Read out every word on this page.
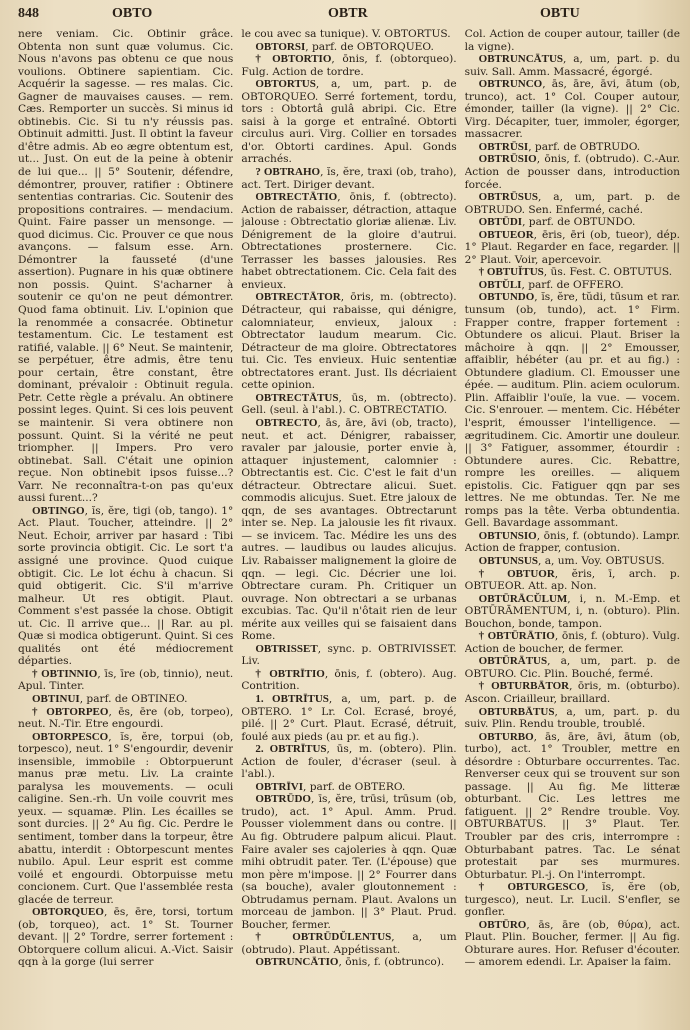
848	OBTO	OBTR	OBTU

nere veniam. Cic. Obtinir grâce. Obtenta non sunt quæ volumus. Cic. Nous n'avons pas obtenu ce que nous voulions. Obtinere sapientiam. Cic. Acquérir la sagesse. — res malas. Cic. Gagner de mauvaises causes. — rem. Cæs. Remporter un succès. Si minus id obtinebis. Cic. Si tu n'y réussis pas. Obtinuit admitti. Just. Il obtint la faveur d'être admis. Ab eo ægre obtentum est, ut... Just. On eut de la peine à obtenir de lui que... || 5° Soutenir, défendre, démontrer, prouver, ratifier : Obtinere sententias contrarias. Cic. Soutenir des propositions contraires. — mendacium. Quint. Faire passer un mensonge. — quod dicimus. Cic. Prouver ce que nous avançons. — falsum esse. Arn. Démontrer la fausseté (d'une assertion). Pugnare in his quæ obtinere non possis. Quint. S'acharner à soutenir ce qu'on ne peut démontrer. Quod fama obtinuit. Liv. L'opinion que la renommée a consacrée. Obtinetur testamentum. Cic. Le testament est ratifié, valable. || 6° Neut. Se maintenir, se perpétuer, être admis, être tenu pour certain, être constant, être dominant, prévaloir : Obtinuit regula. Petr. Cette règle a prévalu. An obtinere possint leges. Quint. Si ces lois peuvent se maintenir. Si vera obtinere non possunt. Quint. Si la vérité ne peut triompher. || Impers. Pro vero obtinebat. Sall. C'était une opinion reçue. Non obtinebit ipsos fuisse...? Varr. Ne reconnaîtra-t-on pas qu'eux aussi furent...?

OBTINGO, ĭs, ĕre, tigi (ob, tango). 1° Act. Plaut. Toucher, atteindre. || 2° Neut. Echoir, arriver par hasard : Tibi sorte provincia obtigit. Cic. Le sort t'a assigné une province. Quod cuique obtigit. Cic. Le lot échu à chacun. Si quid obtigerit. Cic. S'il m'arrive malheur. Ut res obtigit. Plaut. Comment s'est passée la chose. Obtigit ut. Cic. Il arrive que... || Rar. au pl. Quæ si modica obtigerunt. Quint. Si ces qualités ont été médiocrement départies.

† OBTINNIO, īs, īre (ob, tinnio), neut. Apul. Tinter.

OBTINUI, parf. de OBTINEO.

† OBTORPEO, ēs, ēre (ob, torpeo), neut. N.-Tir. Etre engourdi.

OBTORPESCO, ĭs, ĕre, torpui (ob, torpesco), neut. 1° S'engourdir, devenir insensible, immobile : Obtorpuerunt manus præ metu. Liv. La crainte paralysa les mouvements. — oculi caligine. Sen.-rh. Un voile couvrit mes yeux. — squamæ. Plin. Les écailles se sont durcies. || 2° Au fig. Cic. Perdre le sentiment, tomber dans la torpeur, être abattu, interdit : Obtorpescunt mentes nubilo. Apul. Leur esprit est comme voilé et engourdi. Obtorpuisse metu concionem. Curt. Que l'assemblée resta glacée de terreur.

OBTORQUEO, ēs, ēre, torsi, tortum (ob, torqueo), act. 1° St. Tourner devant. || 2° Tordre, serrer fortement : Obtorquere collum alicui. A.-Vict. Saisir qqn à la gorge (lui serrer

le cou avec sa tunique). V. OBTORTUS.

OBTORSI, parf. de OBTORQUEO.

† OBTORTIO, ōnis, f. (obtorqueo). Fulg. Action de tordre.

OBTORTUS, a, um, part. p. de OBTORQUEO. Serré fortement, tordu, tors : Obtortâ gulâ abripi. Cic. Etre saisi à la gorge et entraîné. Obtorti circulus auri. Virg. Collier en torsades d'or. Obtorti cardines. Apul. Gonds arrachés.

? OBTRAHO, ĭs, ĕre, traxi (ob, traho), act. Tert. Diriger devant.

OBTRECTĀTIO, ōnis, f. (obtrecto). Action de rabaisser, détraction, attaque jalouse : Obtrectatio gloriæ alienæ. Liv. Dénigrement de la gloire d'autrui. Obtrectationes prosternere. Cic. Terrasser les basses jalousies. Res habet obtrectationem. Cic. Cela fait des envieux.

OBTRECTĀTOR, ōris, m. (obtrecto). Détracteur, qui rabaisse, qui dénigre, calomniateur, envieux, jaloux : Obtrectator laudum mearum. Cic. Détracteur de ma gloire. Obtrectatores tui. Cic. Tes envieux. Huic sententiæ obtrectatores erant. Just. Ils décriaient cette opinion.

OBTRECTĀTUS, ūs, m. (obtrecto). Gell. (seul. à l'abl.). C. OBTRECTATIO.

OBTRECTO, ās, āre, āvi (ob, tracto), neut. et act. Dénigrer, rabaisser, ravaler par jalousie, porter envie à, attaquer injustement, calomnier : Obtrectantis est. Cic. C'est le fait d'un détracteur. Obtrectare alicui. Suet. commodis alicujus. Suet. Etre jaloux de qqn, de ses avantages. Obtrectarunt inter se. Nep. La jalousie les fit rivaux. — se invicem. Tac. Médire les uns des autres. — laudibus ou laudes alicujus. Liv. Rabaisser malignement la gloire de qqn. — legi. Cic. Décrier une loi. Obtrectare curam. Ph. Critiquer un ouvrage. Non obtrectari a se urbanas excubias. Tac. Qu'il n'ôtait rien de leur mérite aux veilles qui se faisaient dans Rome.

OBTRISSET, sync. p. OBTRIVISSET. Liv.

† OBTRĪTIO, ōnis, f. (obtero). Aug. Contrition.

1. OBTRĪTUS, a, um, part. p. de OBTERO. 1° Lr. Col. Ecrasé, broyé, pilé. || 2° Curt. Plaut. Ecrasé, détruit, foulé aux pieds (au pr. et au fig.).

2. OBTRĪTUS, ūs, m. (obtero). Plin. Action de fouler, d'écraser (seul. à l'abl.).

OBTRĪVI, parf. de OBTERO.

OBTRŪDO, īs, ĕre, trūsi, trūsum (ob, trudo), act. 1° Apul. Amm. Prud. Pousser violemment dans ou contre. || Au fig. Obtrudere palpum alicui. Plaut. Faire avaler ses cajoleries à qqn. Quæ mihi obtrudit pater. Ter. (L'épouse) que mon père m'impose. || 2° Fourrer dans (sa bouche), avaler gloutonnement : Obtrudamus pernam. Plaut. Avalons un morceau de jambon. || 3° Plaut. Prud. Boucher, fermer.

† OBTRŪDŬLENTUS, a, um (obtrudo). Plaut. Appétissant.

OBTRUNCĀTIO, ōnis, f. (obtrunco).

Col. Action de couper autour, tailler (de la vigne).

OBTRUNCĀTUS, a, um, part. p. du suiv. Sall. Amm. Massacré, égorgé.

OBTRUNCO, ās, āre, āvi, ātum (ob, trunco), act. 1° Col. Couper autour, émonder, tailler (la vigne). || 2° Cic. Virg. Décapiter, tuer, immoler, égorger, massacrer.

OBTRŪSI, parf. de OBTRUDO.

OBTRŪSIO, ōnis, f. (obtrudo). C.-Aur. Action de pousser dans, introduction forcée.

OBTRŪSUS, a, um, part. p. de OBTRUDO. Sen. Enfermé, caché.

OBTŪDI, parf. de OBTUNDO.

OBTUEOR, ēris, ēri (ob, tueor), dép. 1° Plaut. Regarder en face, regarder. || 2° Plaut. Voir, apercevoir.

† OBTUĬTUS, ūs. Fest. C. OBTUTUS.

OBTŬLI, parf. de OFFERO.

OBTUNDO, ĭs, ĕre, tŭdi, tūsum et rar. tunsum (ob, tundo), act. 1° Firm. Frapper contre, frapper fortement : Obtundere os alicui. Plaut. Briser la mâchoire à qqn. || 2° Emousser, affaiblir, hébéter (au pr. et au fig.) : Obtundere gladium. Cl. Emousser une épée. — auditum. Plin. aciem oculorum. Plin. Affaiblir l'ouïe, la vue. — vocem. Cic. S'enrouer. — mentem. Cic. Hébéter l'esprit, émousser l'intelligence. — ægritudinem. Cic. Amortir une douleur. || 3° Fatiguer, assommer, étourdir : Obtundere aures. Cic. Rebattre, rompre les oreilles. — aliquem epistolis. Cic. Fatiguer qqn par ses lettres. Ne me obtundas. Ter. Ne me romps pas la tête. Verba obtundentia. Gell. Bavardage assommant.

OBTUNSIO, ōnis, f. (obtundo). Lampr. Action de frapper, contusion.

OBTUNSUS, a, um. Voy. OBTUSUS.

† OBTUOR, ĕris, ī, arch. p. OBTUEOR. Att. ap. Non.

OBTŪRĀCŬLUM, i, n. M.-Emp. et OBTŪRĀMENTUM, i, n. (obturo). Plin. Bouchon, bonde, tampon.

† OBTŪRĀTIO, ōnis, f. (obturo). Vulg. Action de boucher, de fermer.

OBTŪRĀTUS, a, um, part. p. de OBTURO. Cic. Plin. Bouché, fermé.

† OBTURBĀTOR, ōris, m. (obturbo). Ascon. Criailleur, braillard.

OBTURBĀTUS, a, um, part. p. du suiv. Plin. Rendu trouble, troublé.

OBTURBO, ās, āre, āvi, ātum (ob, turbo), act. 1° Troubler, mettre en désordre : Obturbare occurrentes. Tac. Renverser ceux qui se trouvent sur son passage. || Au fig. Me litteræ obturbant. Cic. Les lettres me fatiguent. || 2° Rendre trouble. Voy. OBTURBATUS. || 3° Plaut. Ter. Troubler par des cris, interrompre : Obturbabant patres. Tac. Le sénat protestait par ses murmures. Obturbatur. Pl.-j. On l'interrompt.

† OBTURGESCO, ĭs, ĕre (ob, turgesco), neut. Lr. Lucil. S'enfler, se gonfler.

OBTŪRO, ās, āre (ob, θύρα), act. Plaut. Plin. Boucher, fermer. || Au fig. Obturare aures. Hor. Refuser d'écouter. — amorem edendi. Lr. Apaiser la faim.
